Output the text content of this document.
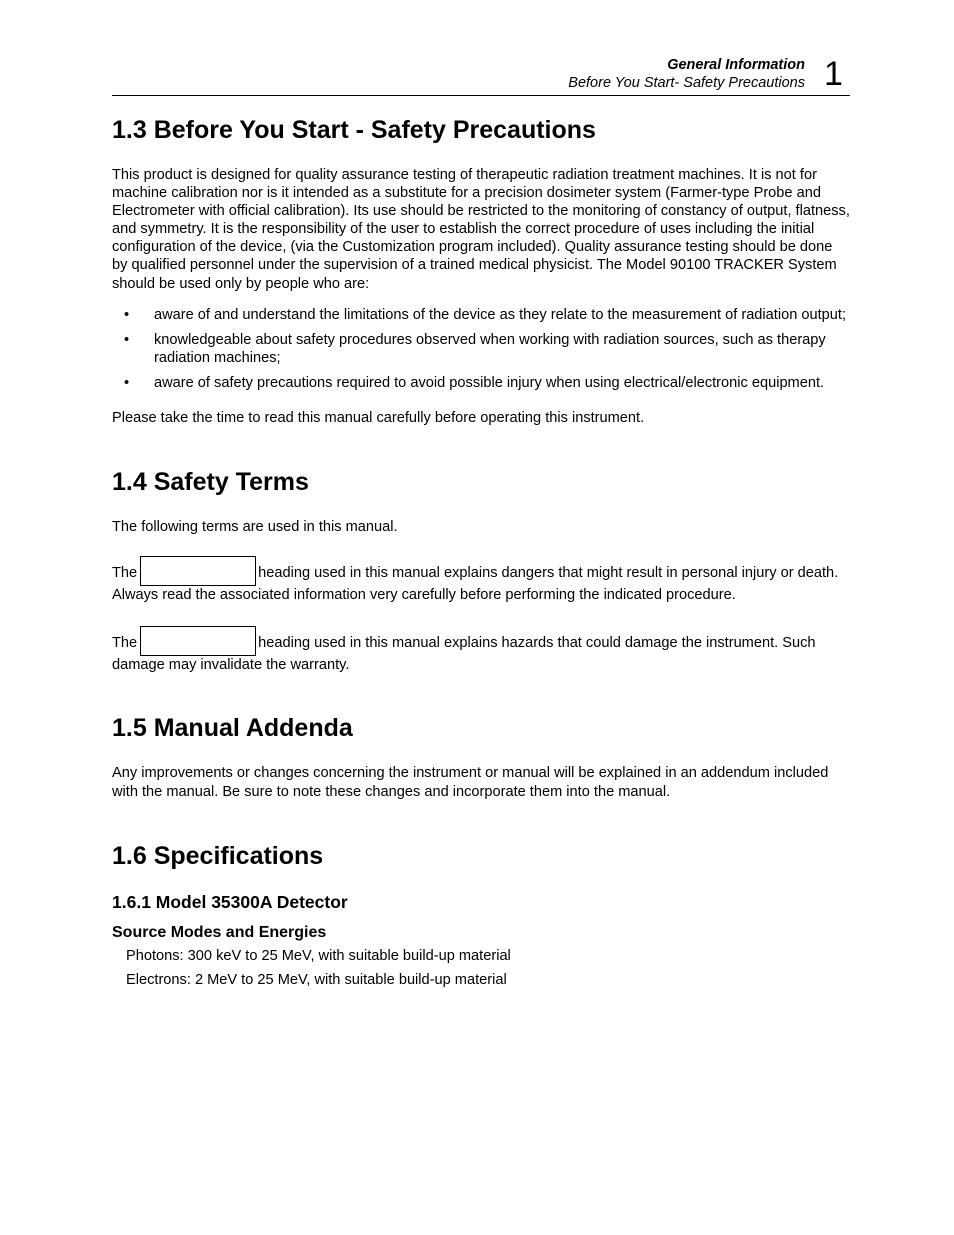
General Information
Before You Start- Safety Precautions 1
1.3 Before You Start - Safety Precautions

This product is designed for quality assurance testing of therapeutic radiation treatment machines. It is not for machine calibration nor is it intended as a substitute for a precision dosimeter system (Farmer-type Probe and Electrometer with official calibration). Its use should be restricted to the monitoring of constancy of output, flatness, and symmetry. It is the responsibility of the user to establish the correct procedure of uses including the initial configuration of the device, (via the Customization program included). Quality assurance testing should be done by qualified personnel under the supervision of a trained medical physicist. The Model 90100 TRACKER System should be used only by people who are:

• aware of and understand the limitations of the device as they relate to the measurement of radiation output;
• knowledgeable about safety procedures observed when working with radiation sources, such as therapy radiation machines;
• aware of safety precautions required to avoid possible injury when using electrical/electronic equipment.

Please take the time to read this manual carefully before operating this instrument.

1.4 Safety Terms

The following terms are used in this manual.

The	heading used in this manual explains dangers that might result in personal injury or death. Always read the associated information very carefully before performing the indicated procedure.

The	heading used in this manual explains hazards that could damage the instrument. Such damage may invalidate the warranty.

1.5 Manual Addenda

Any improvements or changes concerning the instrument or manual will be explained in an addendum included with the manual. Be sure to note these changes and incorporate them into the manual.

1.6 Specifications
1.6.1 Model 35300A Detector
Source Modes and Energies

Photons: 300 keV to 25 MeV, with suitable build-up material

Electrons: 2 MeV to 25 MeV, with suitable build-up material
